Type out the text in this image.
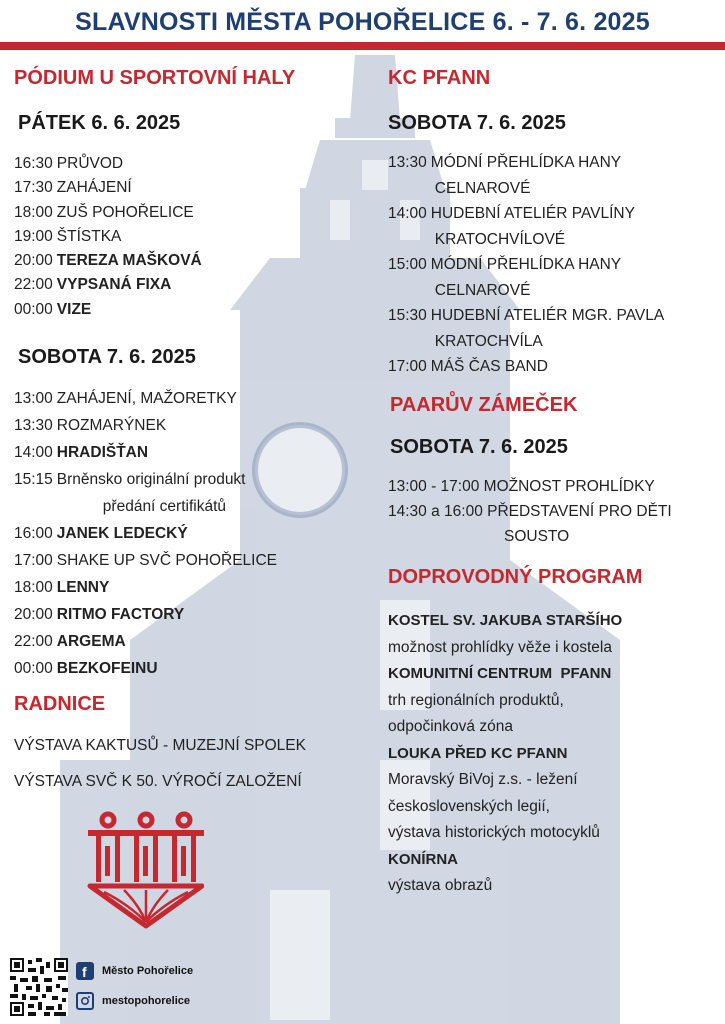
SLAVNOSTI MĚSTA POHOŘELICE 6. - 7. 6. 2025
PÓDIUM U SPORTOVNÍ HALY
PÁTEK 6. 6. 2025
16:30 PRŮVOD
17:30 ZAHÁJENÍ
18:00 ZUŠ POHOŘELICE
19:00 ŠTÍSTKA
20:00 TEREZA MAŠKOVÁ
22:00 VYPSANÁ FIXA
00:00 VIZE
SOBOTA 7. 6. 2025
13:00 ZAHÁJENÍ, MAŽORETKY
13:30 ROZMARÝNEK
14:00 HRADIŠŤAN
15:15 Brněnsko originální produkt
předání certifikátů
16:00 JANEK LEDECKÝ
17:00 SHAKE UP SVČ POHOŘELICE
18:00 LENNY
20:00 RITMO FACTORY
22:00 ARGEMA
00:00 BEZKOFEINU
RADNICE
VÝSTAVA KAKTUSŮ - MUZEJNÍ SPOLEK
VÝSTAVA SVČ K 50. VÝROČÍ ZALOŽENÍ
f Město Pohořelice
mestopohorelice
KC PFANN
SOBOTA 7. 6. 2025
13:30 MÓDNÍ PŘEHLÍDKA HANY
CELNAROVÉ
14:00 HUDEBNÍ ATELIÉR PAVLÍNY
KRATOCHVÍLOVÉ
15:00 MÓDNÍ PŘEHLÍDKA HANY
CELNAROVÉ
15:30 HUDEBNÍ ATELIÉR MGR. PAVLA
KRATOCHVÍLA
17:00 MÁŠ ČAS BAND
PAARŮV ZÁMEČEK
SOBOTA 7. 6. 2025
13:00 - 17:00 MOŽNOST PROHLÍDKY
14:30 a 16:00 PŘEDSTAVENÍ PRO DĚTI
SOUSTO
DOPROVODNÝ PROGRAM
KOSTEL SV. JAKUBA STARŠÍHO
možnost prohlídky věže i kostela
KOMUNITNÍ CENTRUM  PFANN
trh regionálních produktů,
odpočinková zóna
LOUKA PŘED KC PFANN
Moravský BiVoj z.s. - ležení
československých legií,
výstava historických motocyklů
KONÍRNA
výstava obrazů
